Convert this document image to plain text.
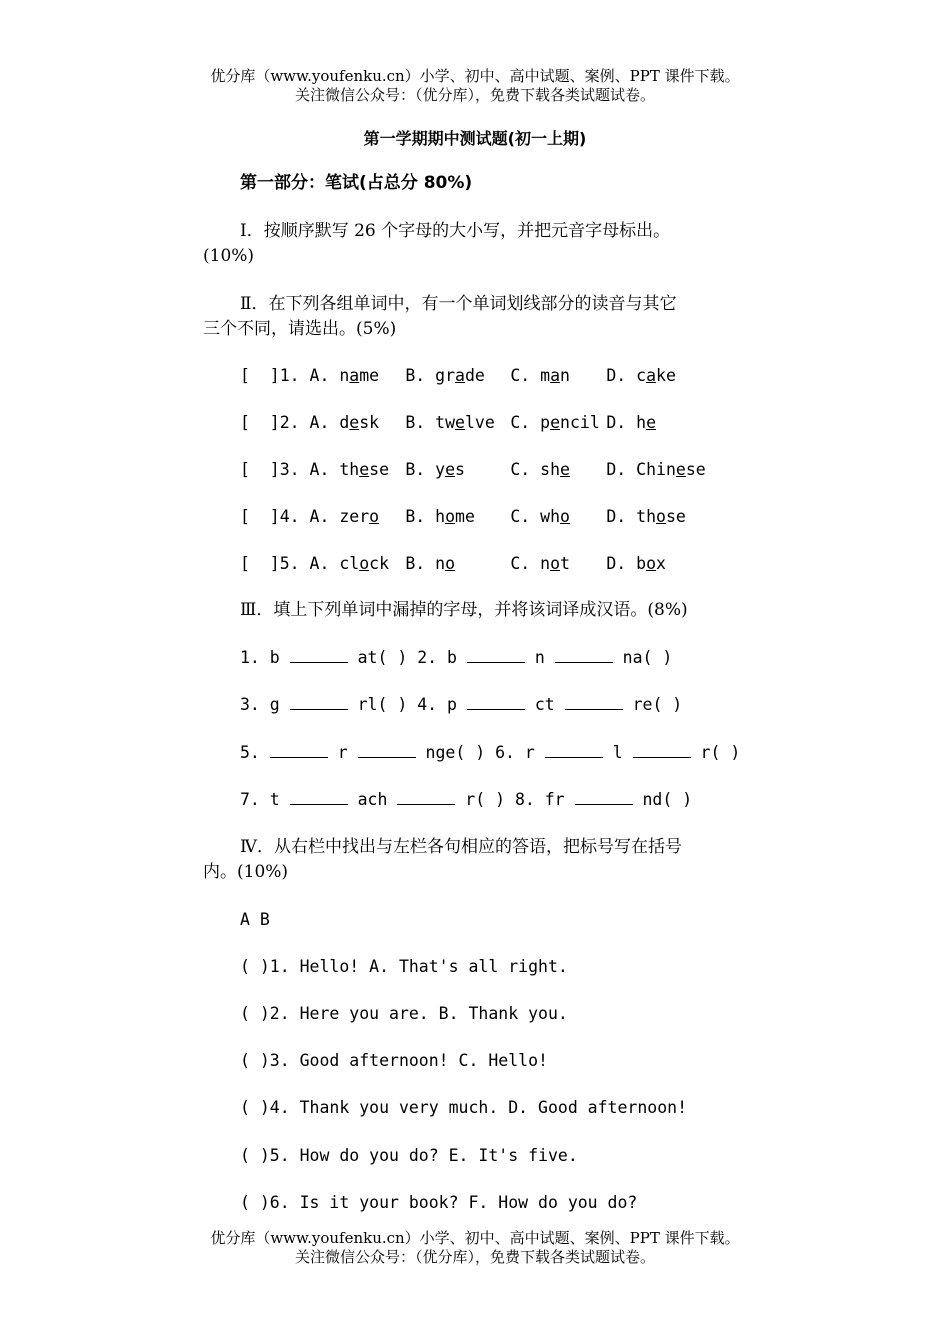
优分库（www.youfenku.cn）小学、初中、高中试题、案例、PPT 课件下载。
关注微信公众号：（优分库），免费下载各类试题试卷。
第一学期期中测试题(初一上期)
第一部分：笔试(占总分 80%)
Ⅰ．按顺序默写 26 个字母的大小写，并把元音字母标出。
(10%)
Ⅱ．在下列各组单词中，有一个单词划线部分的读音与其它
三个不同，请选出。(5%)
[  ]1. A. name B. grade C. man D. cake
[  ]2. A. desk B. twelve C. pencil D. he
[  ]3. A. these B. yes	C. she D. Chinese
[  ]4. A. zero B. home C. who D. those
[  ]5. A. clock B. no	C. not D. box
Ⅲ．填上下列单词中漏掉的字母，并将该词译成汉语。(8%)
1. b	at( ) 2. b	n	na( )
3. g	rl( ) 4. p	ct	re( )
5.	r	nge( ) 6. r	l	r( )
7. t	ach	r( ) 8. fr	nd( )
Ⅳ．从右栏中找出与左栏各句相应的答语，把标号写在括号
内。(10%)
A B
( )1. Hello! A. That's all right.
( )2. Here you are. B. Thank you.
( )3. Good afternoon! C. Hello!
( )4. Thank you very much. D. Good afternoon!
( )5. How do you do? E. It's five.
( )6. Is it your book? F. How do you do?
优分库（www.youfenku.cn）小学、初中、高中试题、案例、PPT 课件下载。
关注微信公众号：（优分库），免费下载各类试题试卷。
